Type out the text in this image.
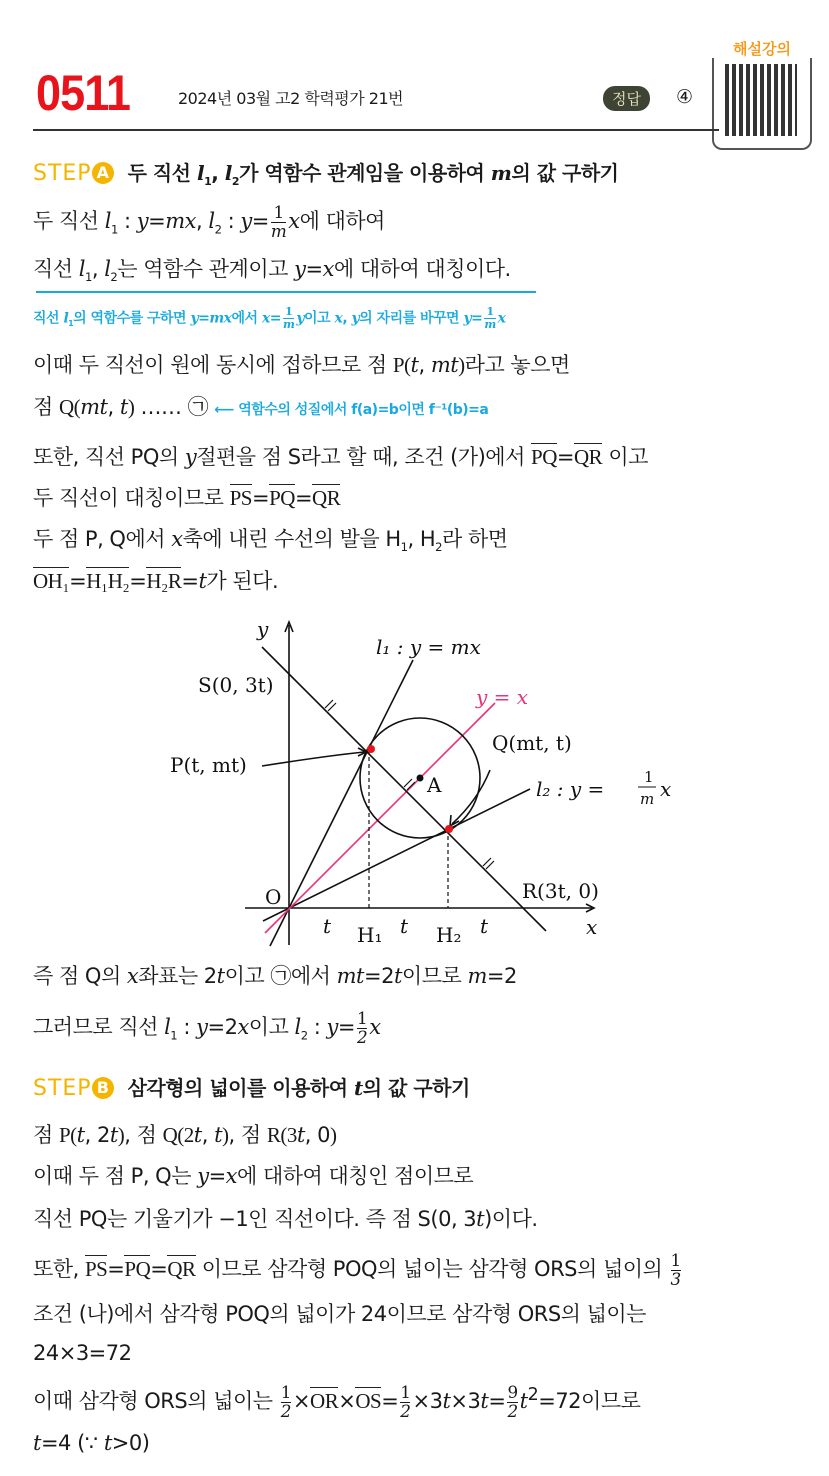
0511	2024년 03월 고2 학력평가 21번	정답	④
해설강의
STEP A 두 직선 $l_1$, $l_2$가 역함수 관계임을 이용하여 m의 값 구하기
두 직선 $l_1$ : y=mx, $l_2$ : $y= \frac{1}{m}$ x에 대하여
직선 $l_1$, $l_2$는 역함수 관계이고 y=x에 대하여 대칭이다.
직선 $l_1$의 역함수를 구하면 y=mx에서 $x= \frac{1}{m}$ y이고 x, y의 자리를 바꾸면 $y= \frac{1}{m}$ x
이때 두 직선이 원에 동시에 접하므로 점 P(t, mt)라고 놓으면
점 Q(mt, t) …… ㉠ ⟵ 역함수의 성질에서 f(a)=b이면 f⁻¹(b)=a
또한, 직선 PQ의 y절편을 점 S라고 할 때, 조건 (가)에서 PQ=QR 이고
두 직선이 대칭이므로 PS=PQ=QR
두 점 P, Q에서 x축에 내린 수선의 발을 $H_1$, $H_2$라 하면
OH₁=H₁H₂=H₂R=t가 된다.
즉 점 Q의 x좌표는 2t이고 ㉠에서 mt=2t이므로 m=2
그러므로 직선 $l_1$ : y=2x이고 $l_2$ : $y= \frac{1}{2}$ x
STEP B 삼각형의 넓이를 이용하여 t의 값 구하기
점 P(t, 2t), 점 Q(2t, t), 점 R(3t, 0)
이때 두 점 P, Q는 y=x에 대하여 대칭인 점이므로
직선 PQ는 기울기가 −1인 직선이다. 즉 점 S(0, 3t)이다.
또한, PS=PQ=QR 이므로 삼각형 POQ의 넓이는 삼각형 ORS의 넓이의 $\frac{1}{3}$
조건 (나)에서 삼각형 POQ의 넓이가 24이므로 삼각형 ORS의 넓이는
24×3=72
이때 삼각형 ORS의 넓이는 $\frac{1}{2} \times OR\times OS= \frac{1}{2} \times 3t\times 3t= \frac{9}{2} t^2=72$이므로
t=4 (∵ t>0)
y
x
l₁ : y = mx
y = x
S(0, 3t)
P(t, mt)
Q(mt, t)
A	l₂ : y =	1
m x
O	R(3t, 0)
t	t	t
H₁	H₂
